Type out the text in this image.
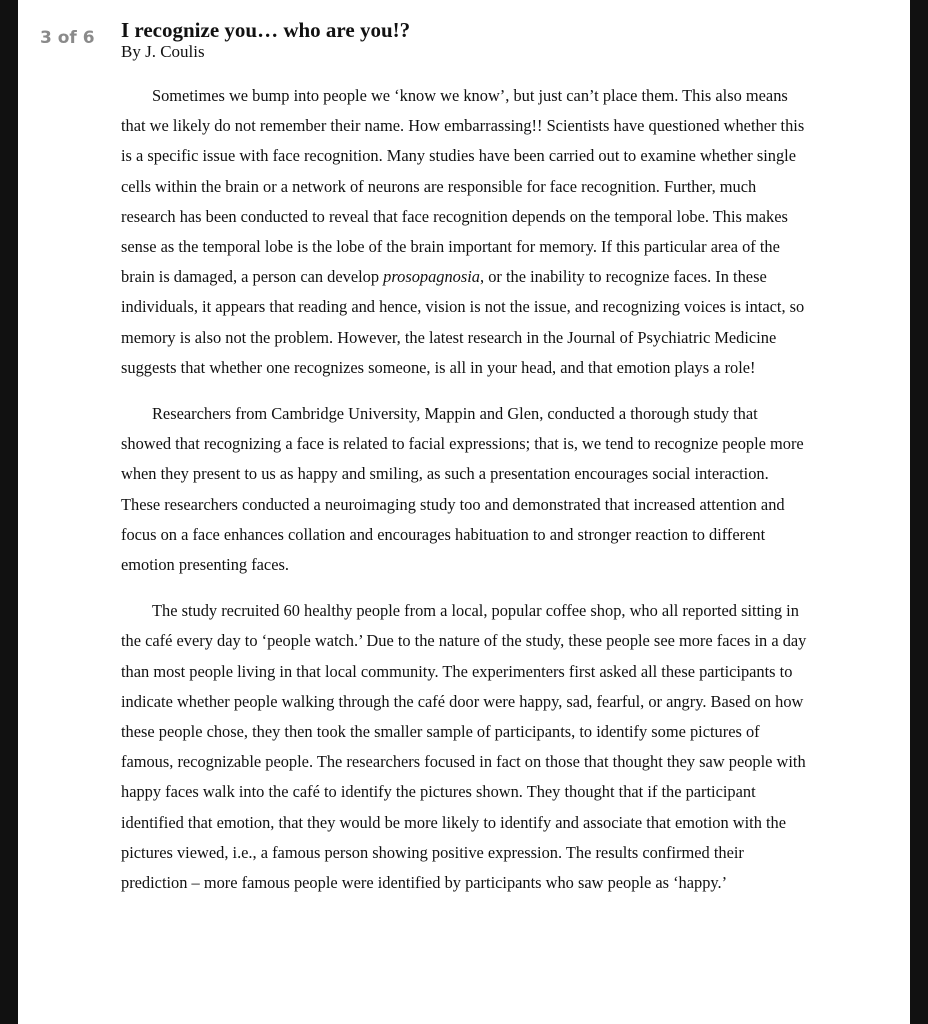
3 of 6 I recognize you… who are you!?
By J. Coulis

Sometimes we bump into people we ‘know we know’, but just can’t place them. This also means that we likely do not remember their name. How embarrassing!! Scientists have questioned whether this is a specific issue with face recognition. Many studies have been carried out to examine whether single cells within the brain or a network of neurons are responsible for face recognition. Further, much research has been conducted to reveal that face recognition depends on the temporal lobe. This makes sense as the temporal lobe is the lobe of the brain important for memory. If this particular area of the brain is damaged, a person can develop prosopagnosia, or the inability to recognize faces. In these individuals, it appears that reading and hence, vision is not the issue, and recognizing voices is intact, so memory is also not the problem. However, the latest research in the Journal of Psychiatric Medicine suggests that whether one recognizes someone, is all in your head, and that emotion plays a role!

Researchers from Cambridge University, Mappin and Glen, conducted a thorough study that showed that recognizing a face is related to facial expressions; that is, we tend to recognize people more when they present to us as happy and smiling, as such a presentation encourages social interaction. These researchers conducted a neuroimaging study too and demonstrated that increased attention and focus on a face enhances collation and encourages habituation to and stronger reaction to different emotion presenting faces.

The study recruited 60 healthy people from a local, popular coffee shop, who all reported sitting in the café every day to ‘people watch.’ Due to the nature of the study, these people see more faces in a day than most people living in that local community. The experimenters first asked all these participants to indicate whether people walking through the café door were happy, sad, fearful, or angry. Based on how these people chose, they then took the smaller sample of participants, to identify some pictures of famous, recognizable people. The researchers focused in fact on those that thought they saw people with happy faces walk into the café to identify the pictures shown. They thought that if the participant identified that emotion, that they would be more likely to identify and associate that emotion with the pictures viewed, i.e., a famous person showing positive expression. The results confirmed their prediction – more famous people were identified by participants who saw people as ‘happy.’
